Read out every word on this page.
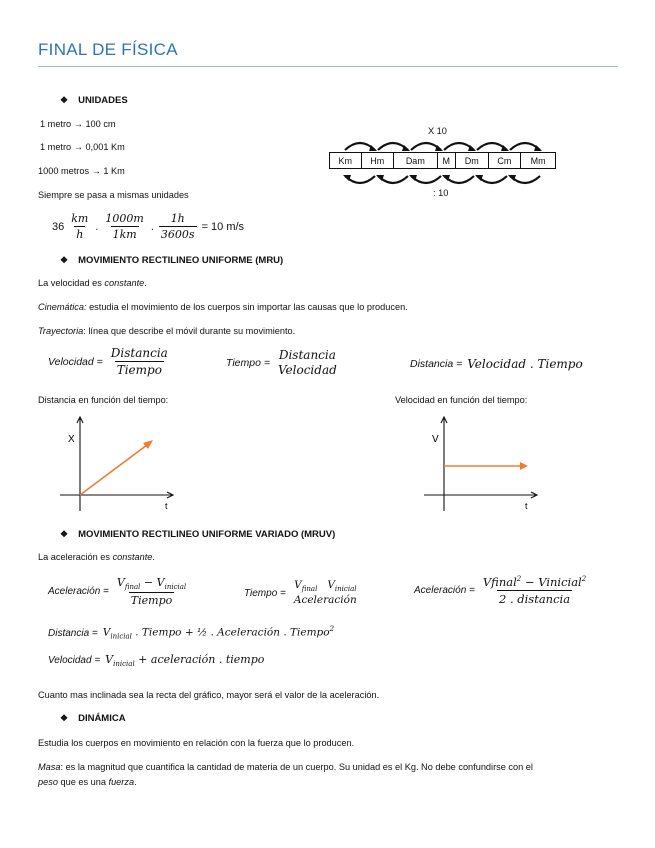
FINAL DE FÍSICA
❖ UNIDADES
1 metro → 100 cm
1 metro → 0,001 Km
1000 metros → 1 Km
Siempre se pasa a mismas unidades
X 10
Km	Hm	Dam	M	Dm	Cm	Mm
: 10
$36 \frac{km}{h}$ . $\frac{1000m}{1km}$ . $\frac{1h}{3600s} = 10$ m/s
❖ MOVIMIENTO RECTILINEO UNIFORME (MRU)
La velocidad es constante.
Cinemática: estudia el movimiento de los cuerpos sin importar las causas que lo producen.
Trayectoria: línea que describe el móvil durante su movimiento.
Velocidad = $\frac{\text{Distancia}}{\text{Tiempo}}$	Tiempo =
Distancia
Velocidad	Distancia = Velocidad . Tiempo
Distancia en función del tiempo:	Velocidad en función del tiempo:
X
t
V
t
❖ MOVIMIENTO RECTILINEO UNIFORME VARIADO (MRUV)
La aceleración es constante.
Aceleración = $\frac{V_{final} - V_{inicial}}{\text{Tiempo}}$	Tiempo =
$V_{final}$ $V_{inicial}$
Aceleración
Aceleración = $\frac{Vfinal^2 - Vinicial^2}{\text{2 . distancia}}$
Distancia = $V_{inicial}$ . Tiempo + ½ . Aceleración . Tiempo$^2$
Velocidad = $V_{inicial}$ + aceleración . tiempo
Cuanto mas inclinada sea la recta del gráfico, mayor será el valor de la aceleración.
❖ DINÁMICA
Estudia los cuerpos en movimiento en relación con la fuerza que lo producen.
Masa: es la magnitud que cuantifica la cantidad de materia de un cuerpo. Su unidad es el Kg. No debe confundirse con el
peso que es una fuerza.
